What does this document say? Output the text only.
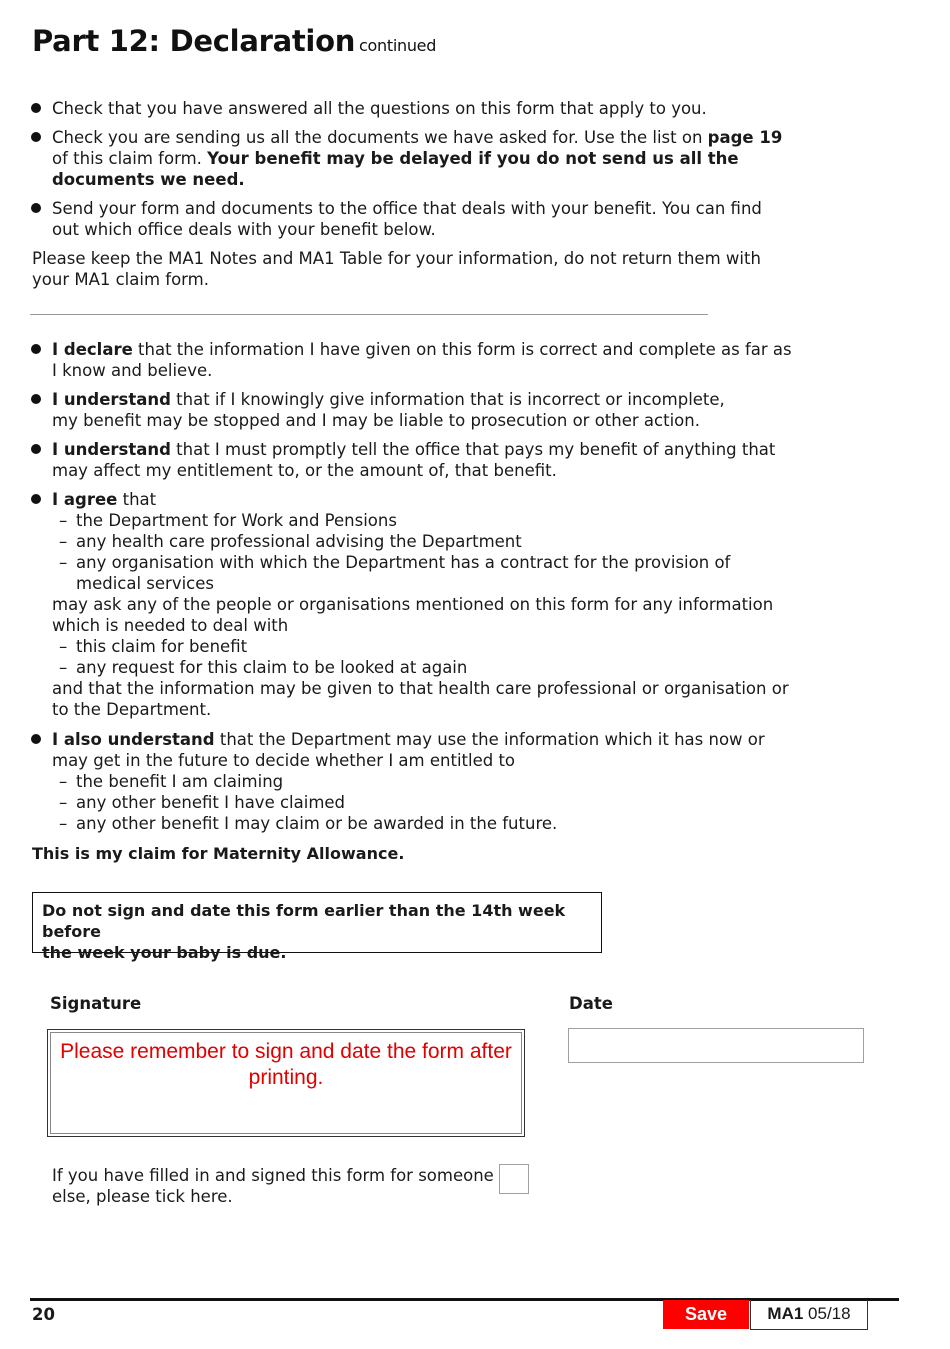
Part 12: Declaration continued
Check that you have answered all the questions on this form that apply to you.
Check you are sending us all the documents we have asked for. Use the list on page 19
of this claim form. Your benefit may be delayed if you do not send us all the
documents we need.
Send your form and documents to the office that deals with your benefit. You can find
out which office deals with your benefit below.
Please keep the MA1 Notes and MA1 Table for your information, do not return them with
your MA1 claim form.
I declare that the information I have given on this form is correct and complete as far as
I know and believe.
I understand that if I knowingly give information that is incorrect or incomplete,
my benefit may be stopped and I may be liable to prosecution or other action.
I understand that I must promptly tell the office that pays my benefit of anything that
may affect my entitlement to, or the amount of, that benefit.
I agree that
– the Department for Work and Pensions
– any health care professional advising the Department
– any organisation with which the Department has a contract for the provision of
medical services
may ask any of the people or organisations mentioned on this form for any information
which is needed to deal with
– this claim for benefit
– any request for this claim to be looked at again
and that the information may be given to that health care professional or organisation or
to the Department.
I also understand that the Department may use the information which it has now or
may get in the future to decide whether I am entitled to
– the benefit I am claiming
– any other benefit I have claimed
– any other benefit I may claim or be awarded in the future.
This is my claim for Maternity Allowance.
Do not sign and date this form earlier than the 14th week before
the week your baby is due.
Signature	Date
Please remember to sign and date the form after
printing.
If you have filled in and signed this form for someone
else, please tick here.
20	Save	MA1 05/18
